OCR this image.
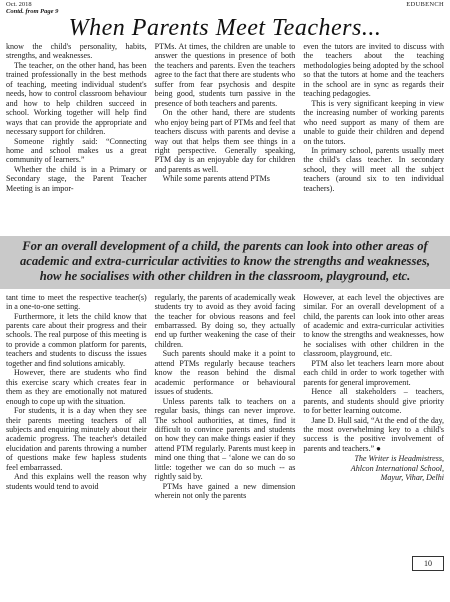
Oct. 2018
Contd. from Page 9
EDUBENCH
When Parents Meet Teachers...

know the child's personality, habits, strengths, and weaknesses.

The teacher, on the other hand, has been trained professionally in the best methods of teaching, meeting individual student's needs, how to control classroom behaviour and how to help children succeed in school. Working together will help find ways that can provide the appropriate and necessary support for children.

Someone rightly said: “Connecting home and school makes us a great community of learners.”

Whether the child is in a Primary or Secondary stage, the Parent Teacher Meeting is an impor-

PTMs. At times, the children are unable to answer the questions in presence of both the teachers and parents. Even the teachers agree to the fact that there are students who suffer from fear psychosis and despite being good, students turn passive in the presence of both teachers and parents.

On the other hand, there are students who enjoy being part of PTMs and feel that teachers discuss with parents and devise a way out that helps them see things in a right perspective. Generally speaking, PTM day is an enjoyable day for children and parents as well.

While some parents attend PTMs

even the tutors are invited to discuss with the teachers about the teaching methodologies being adopted by the school so that the tutors at home and the teachers in the school are in sync as regards their teaching pedagogies.

This is very significant keeping in view the increasing number of working parents who need support as many of them are unable to guide their children and depend on the tutors.

In primary school, parents usually meet the child's class teacher. In secondary school, they will meet all the subject teachers (around six to ten individual teachers).

For an overall development of a child, the parents can look into other areas of academic and extra-curricular activities to know the strengths and weaknesses, how he socialises with other children in the classroom, playground, etc.

tant time to meet the respective teacher(s) in a one-to-one setting.

Furthermore, it lets the child know that parents care about their progress and their schools. The real purpose of this meeting is to provide a common platform for parents, teachers and students to discuss the issues together and find solutions amicably.

However, there are students who find this exercise scary which creates fear in them as they are emotionally not matured enough to cope up with the situation.

For students, it is a day when they see their parents meeting teachers of all subjects and enquiring minutely about their academic progress. The teacher's detailed elucidation and parents throwing a number of questions make few hapless students feel embarrassed.

And this explains well the reason why students would tend to avoid

regularly, the parents of academically weak students try to avoid as they avoid facing the teacher for obvious reasons and feel embarrassed. By doing so, they actually end up further weakening the case of their children.

Such parents should make it a point to attend PTMs regularly because teachers know the reason behind the dismal academic performance or behavioural issues of students.

Unless parents talk to teachers on a regular basis, things can never improve. The school authorities, at times, find it difficult to convince parents and students on how they can make things easier if they attend PTM regularly. Parents must keep in mind one thing that – ‘alone we can do so little: together we can do so much -- as rightly said by.

PTMs have gained a new dimension wherein not only the parents

However, at each level the objectives are similar. For an overall development of a child, the parents can look into other areas of academic and extra-curricular activities to know the strengths and weaknesses, how he socialises with other children in the classroom, playground, etc.

PTM also let teachers learn more about each child in order to work together with parents for general improvement.

Hence all stakeholders – teachers, parents, and students should give priority to for better learning outcome.

Jane D. Hull said, “At the end of the day, the most overwhelming key to a child's success is the positive involvement of parents and teachers.” ●

The Writer is Headmistress,
Ahlcon International School,
Mayur, Vihar, Delhi
10
